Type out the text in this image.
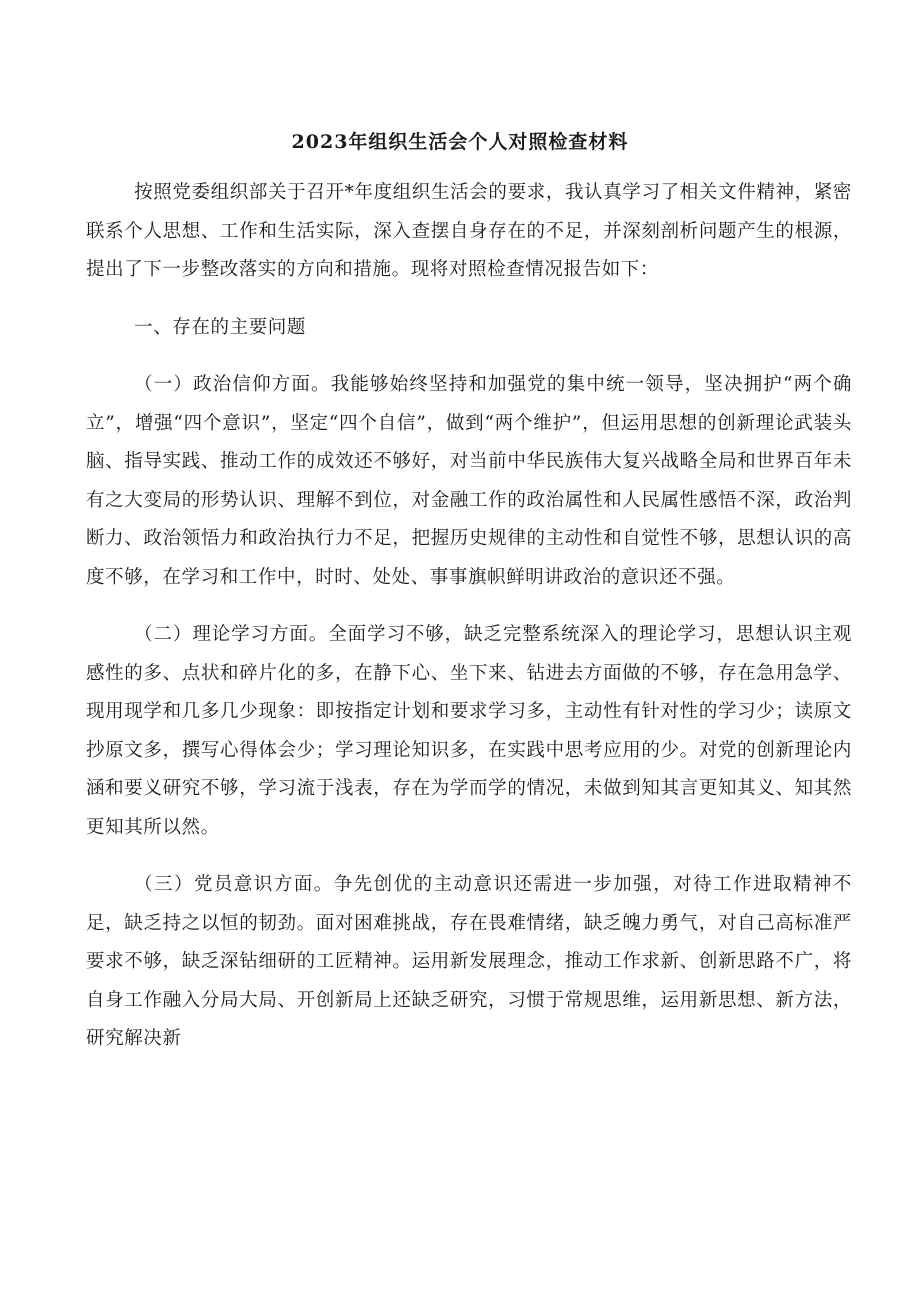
2023年组织生活会个人对照检查材料

按照党委组织部关于召开*年度组织生活会的要求，我认真学习了相关文件精神，紧密联系个人思想、工作和生活实际，深入查摆自身存在的不足，并深刻剖析问题产生的根源，提出了下一步整改落实的方向和措施。现将对照检查情况报告如下：

一、存在的主要问题

（一）政治信仰方面。我能够始终坚持和加强党的集中统一领导，坚决拥护“两个确立”，增强“四个意识”，坚定“四个自信”，做到“两个维护”，但运用思想的创新理论武装头脑、指导实践、推动工作的成效还不够好，对当前中华民族伟大复兴战略全局和世界百年未有之大变局的形势认识、理解不到位，对金融工作的政治属性和人民属性感悟不深，政治判断力、政治领悟力和政治执行力不足，把握历史规律的主动性和自觉性不够，思想认识的高度不够，在学习和工作中，时时、处处、事事旗帜鲜明讲政治的意识还不强。

（二）理论学习方面。全面学习不够，缺乏完整系统深入的理论学习，思想认识主观感性的多、点状和碎片化的多，在静下心、坐下来、钻进去方面做的不够，存在急用急学、现用现学和几多几少现象：即按指定计划和要求学习多，主动性有针对性的学习少；读原文抄原文多，撰写心得体会少；学习理论知识多，在实践中思考应用的少。对党的创新理论内涵和要义研究不够，学习流于浅表，存在为学而学的情况，未做到知其言更知其义、知其然更知其所以然。

（三）党员意识方面。争先创优的主动意识还需进一步加强，对待工作进取精神不足，缺乏持之以恒的韧劲。面对困难挑战，存在畏难情绪，缺乏魄力勇气，对自己高标准严要求不够，缺乏深钻细研的工匠精神。运用新发展理念，推动工作求新、创新思路不广，将自身工作融入分局大局、开创新局上还缺乏研究，习惯于常规思维，运用新思想、新方法，研究解决新
